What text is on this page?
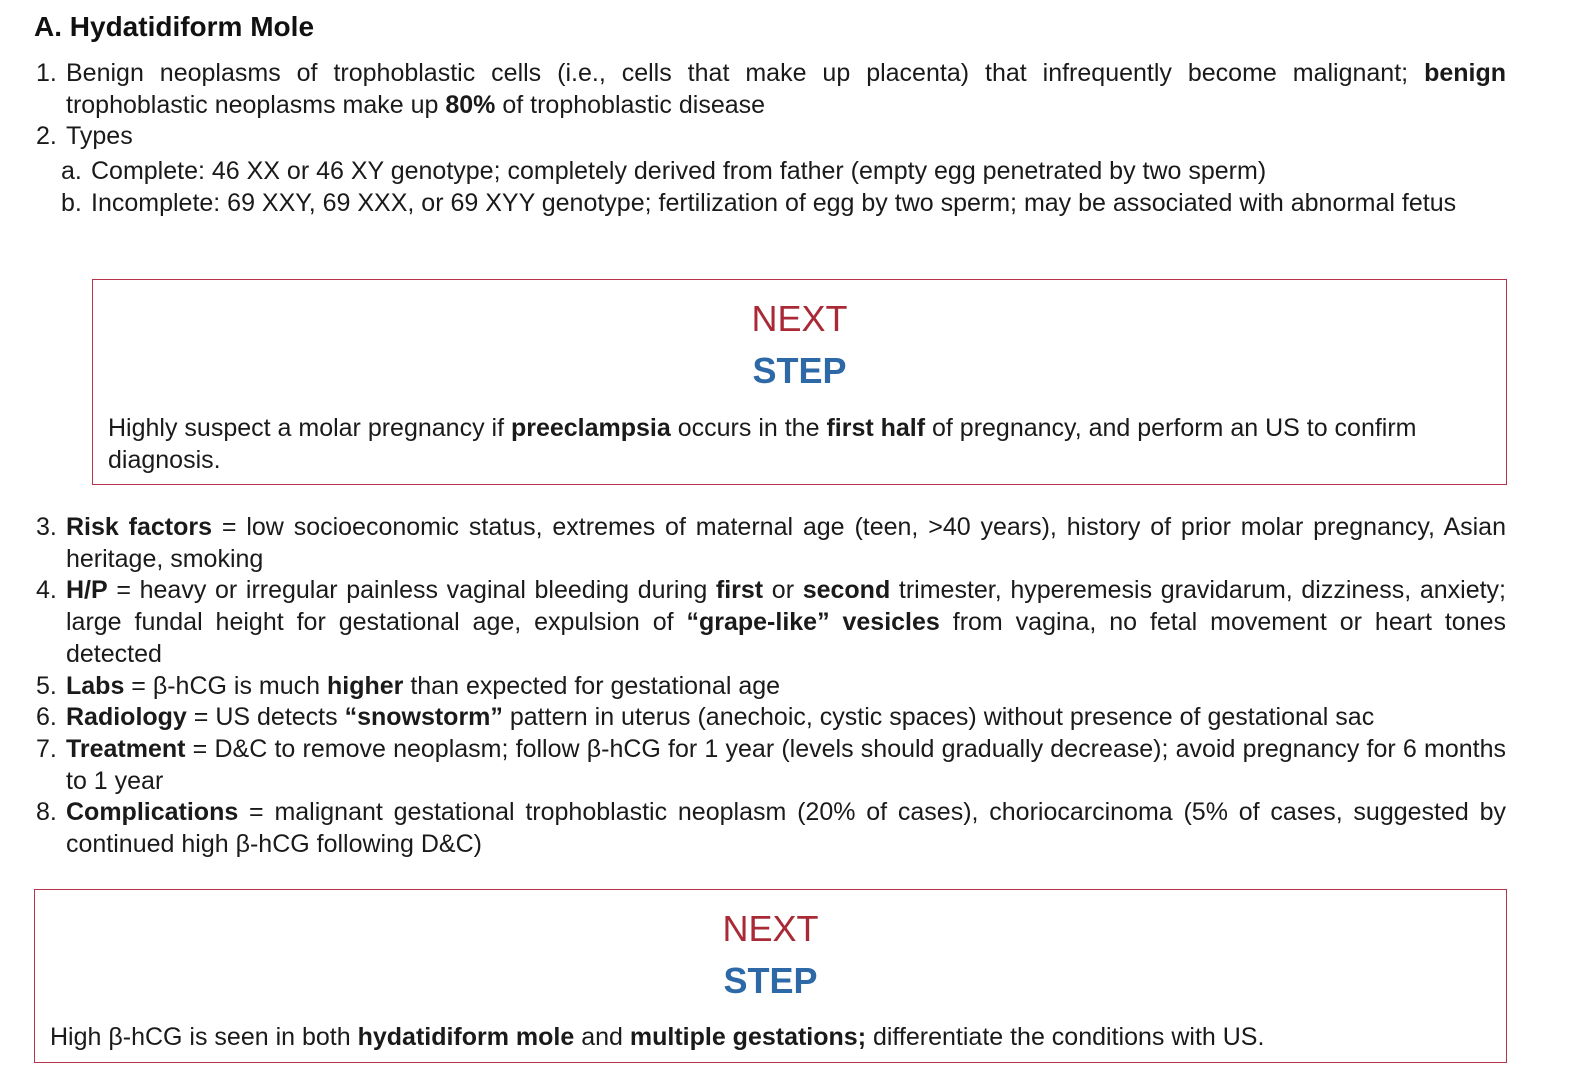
A. Hydatidiform Mole
1. Benign neoplasms of trophoblastic cells (i.e., cells that make up placenta) that infrequently become malignant; benign trophoblastic neoplasms make up 80% of trophoblastic disease
2. Types
a. Complete: 46 XX or 46 XY genotype; completely derived from father (empty egg penetrated by two sperm)
b. Incomplete: 69 XXY, 69 XXX, or 69 XYY genotype; fertilization of egg by two sperm; may be associated with abnormal fetus
NEXT
STEP
Highly suspect a molar pregnancy if preeclampsia occurs in the first half of pregnancy, and perform an US to confirm diagnosis.
3. Risk factors = low socioeconomic status, extremes of maternal age (teen, >40 years), history of prior molar pregnancy, Asian heritage, smoking
4. H/P = heavy or irregular painless vaginal bleeding during first or second trimester, hyperemesis gravidarum, dizziness, anxiety; large fundal height for gestational age, expulsion of “grape-like” vesicles from vagina, no fetal movement or heart tones detected
5. Labs = β-hCG is much higher than expected for gestational age
6. Radiology = US detects “snowstorm” pattern in uterus (anechoic, cystic spaces) without presence of gestational sac
7. Treatment = D&C to remove neoplasm; follow β-hCG for 1 year (levels should gradually decrease); avoid pregnancy for 6 months to 1 year
8. Complications = malignant gestational trophoblastic neoplasm (20% of cases), choriocarcinoma (5% of cases, suggested by continued high β-hCG following D&C)
NEXT
STEP
High β-hCG is seen in both hydatidiform mole and multiple gestations; differentiate the conditions with US.
